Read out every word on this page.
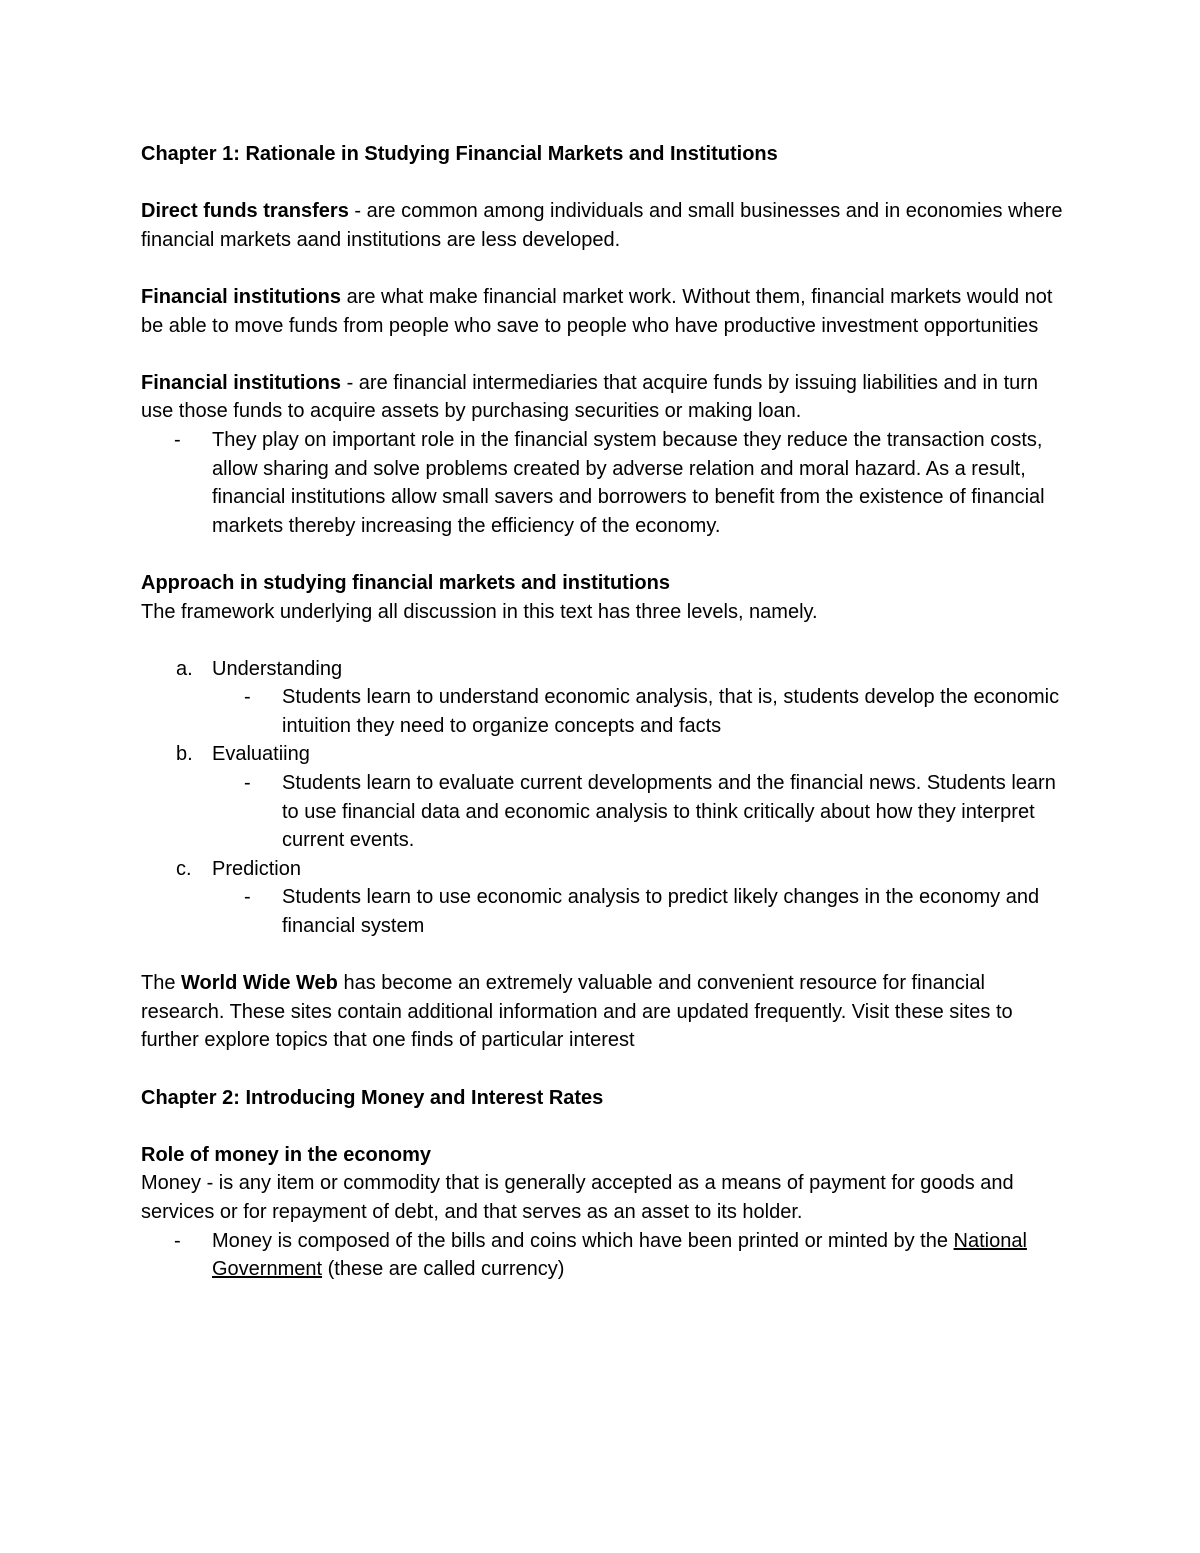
Chapter 1: Rationale in Studying Financial Markets and Institutions

Direct funds transfers - are common among individuals and small businesses and in economies where financial markets aand institutions are less developed.

Financial institutions are what make financial market work. Without them, financial markets would not be able to move funds from people who save to people who have productive investment opportunities

Financial institutions - are financial intermediaries that acquire funds by issuing liabilities and in turn use those funds to acquire assets by purchasing securities or making loan.

- They play on important role in the financial system because they reduce the transaction costs, allow sharing and solve problems created by adverse relation and moral hazard. As a result, financial institutions allow small savers and borrowers to benefit from the existence of financial markets thereby increasing the efficiency of the economy.

Approach in studying financial markets and institutions

The framework underlying all discussion in this text has three levels, namely.

a. Understanding

- Students learn to understand economic analysis, that is, students develop the economic intuition they need to organize concepts and facts

b. Evaluatiing

- Students learn to evaluate current developments and the financial news. Students learn to use financial data and economic analysis to think critically about how they interpret current events.

c. Prediction

- Students learn to use economic analysis to predict likely changes in the economy and financial system

The World Wide Web has become an extremely valuable and convenient resource for financial research. These sites contain additional information and are updated frequently. Visit these sites to further explore topics that one finds of particular interest

Chapter 2: Introducing Money and Interest Rates

Role of money in the economy

Money - is any item or commodity that is generally accepted as a means of payment for goods and services or for repayment of debt, and that serves as an asset to its holder.

- Money is composed of the bills and coins which have been printed or minted by the National Government (these are called currency)
